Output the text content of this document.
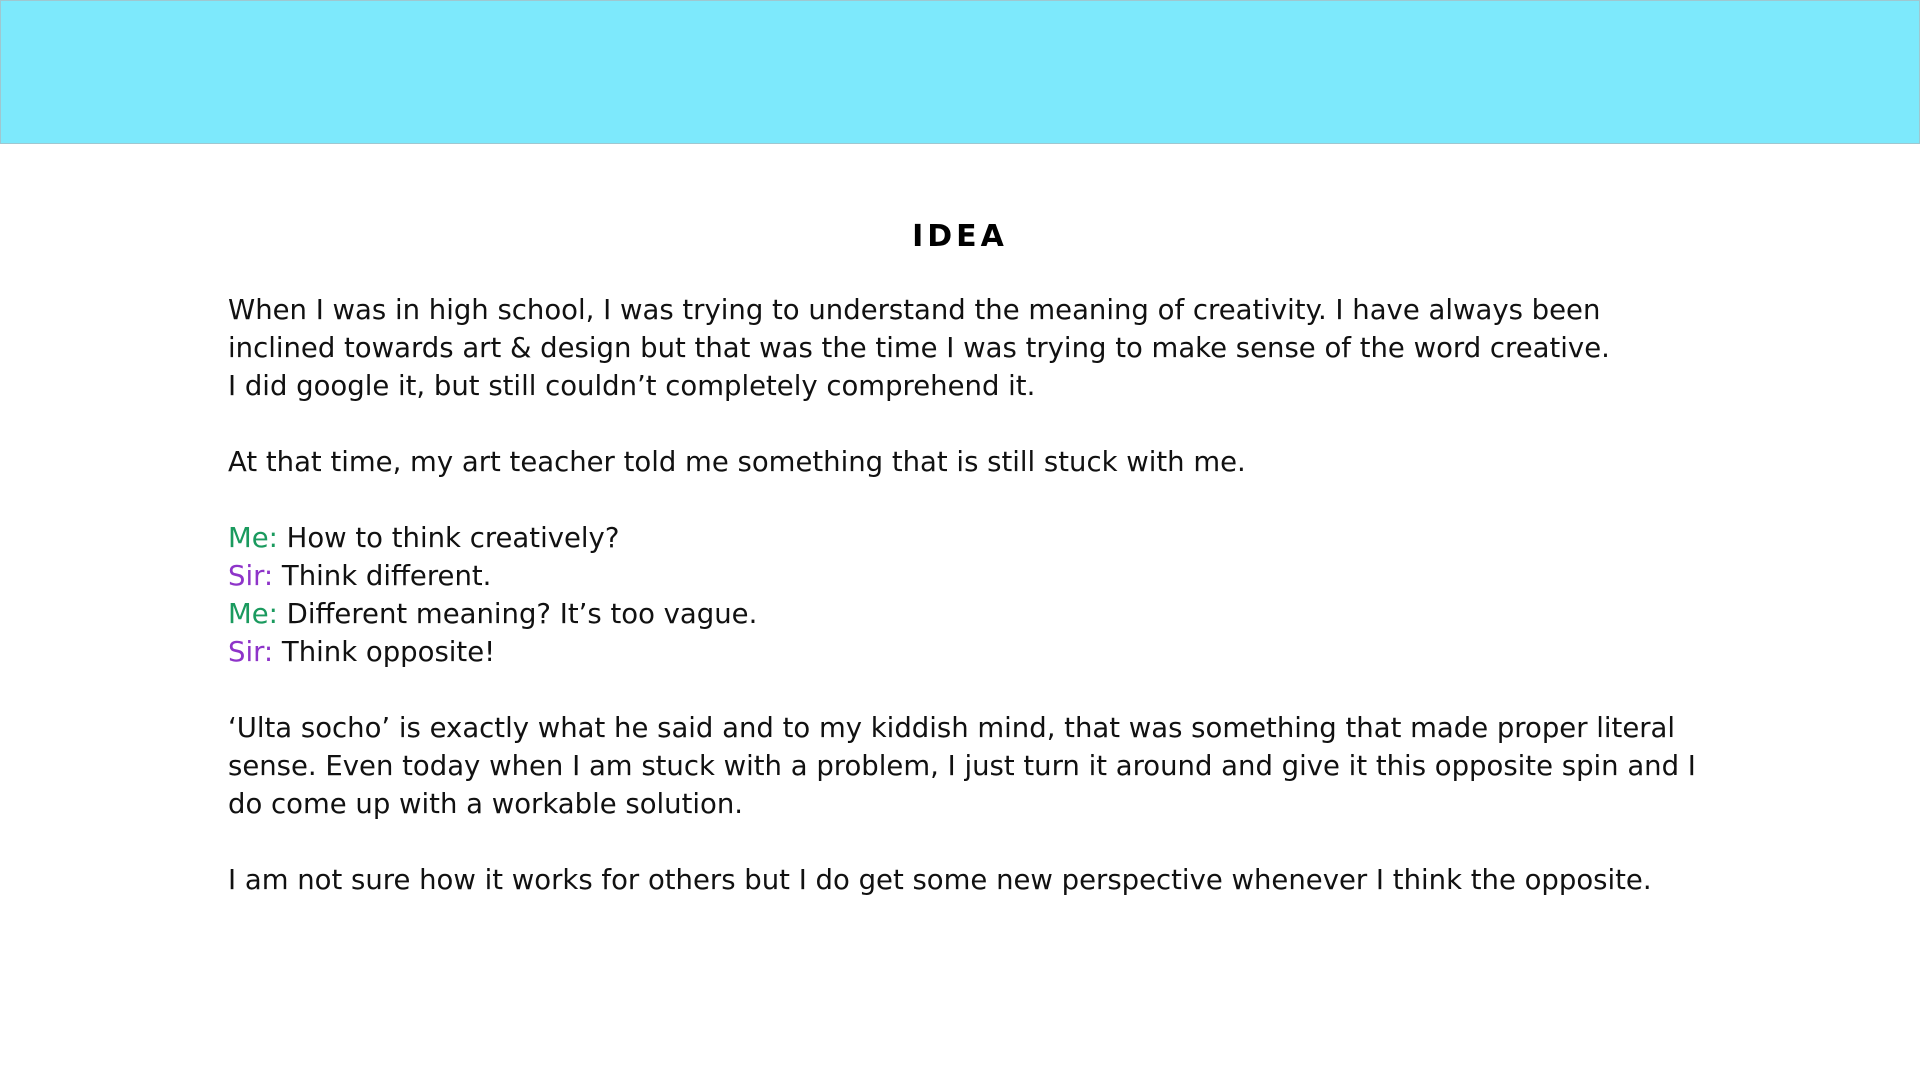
IDEA

When I was in high school, I was trying to understand the meaning of creativity. I have always been
inclined towards art & design but that was the time I was trying to make sense of the word creative.
I did google it, but still couldn’t completely comprehend it.

At that time, my art teacher told me something that is still stuck with me.

Me: How to think creatively?
Sir: Think different.
Me: Different meaning? It’s too vague.
Sir: Think opposite!

‘Ulta socho’ is exactly what he said and to my kiddish mind, that was something that made proper literal
sense. Even today when I am stuck with a problem, I just turn it around and give it this opposite spin and I
do come up with a workable solution.

I am not sure how it works for others but I do get some new perspective whenever I think the opposite.
